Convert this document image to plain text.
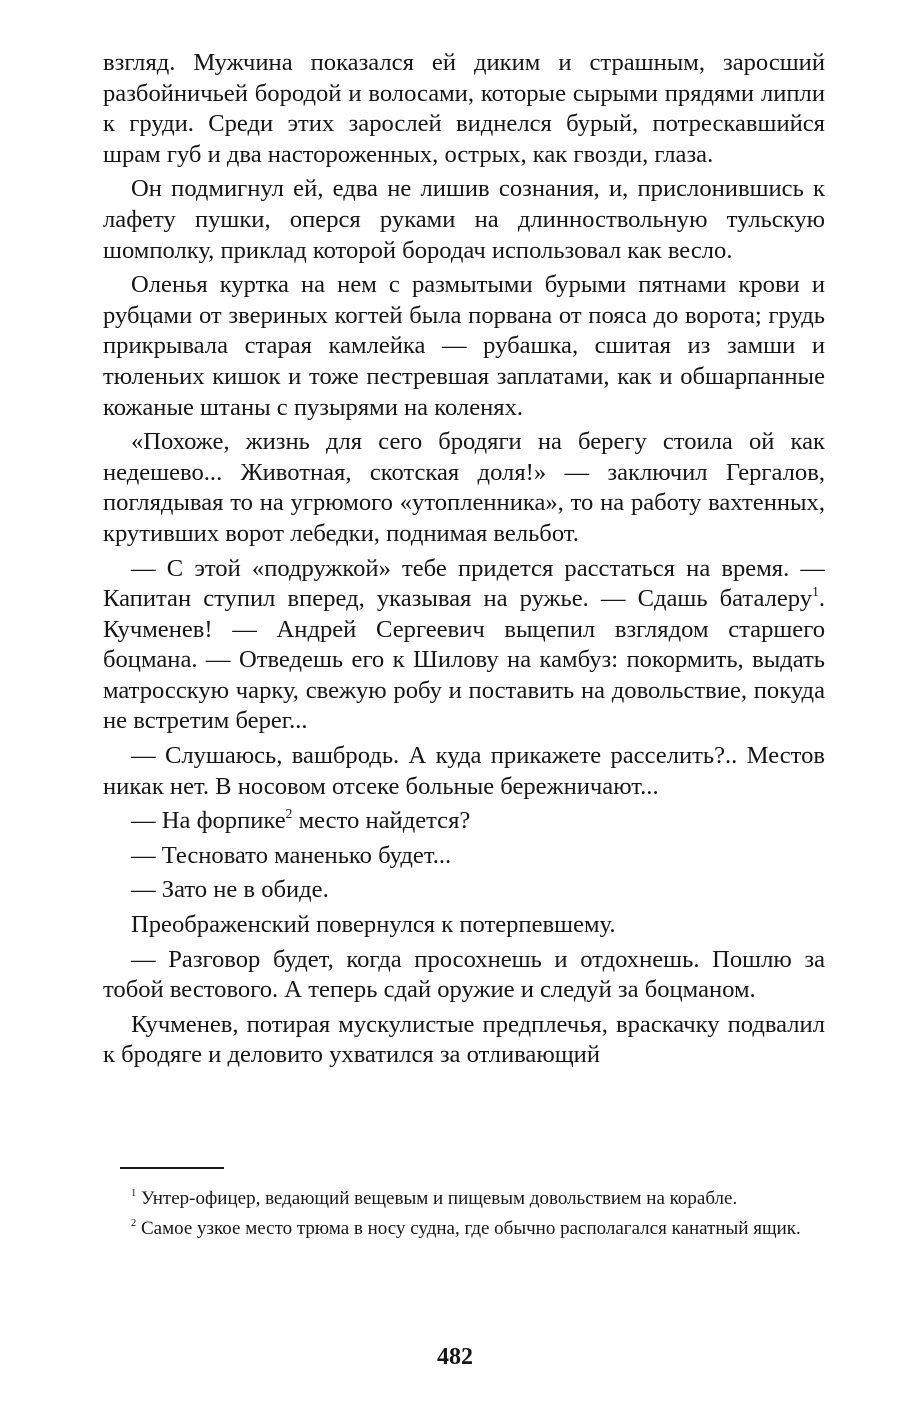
взгляд. Мужчина показался ей диким и страшным, заросший разбойничьей бородой и волосами, которые сырыми прядями липли к груди. Среди этих зарослей виднелся бурый, потрескавшийся шрам губ и два настороженных, острых, как гвозди, глаза.

Он подмигнул ей, едва не лишив сознания, и, прислонившись к лафету пушки, оперся руками на длинноствольную тульскую шомполку, приклад которой бородач использовал как весло.

Оленья куртка на нем с размытыми бурыми пятнами крови и рубцами от звериных когтей была порвана от пояса до ворота; грудь прикрывала старая камлейка — рубашка, сшитая из замши и тюленьих кишок и тоже пестревшая заплатами, как и обшарпанные кожаные штаны с пузырями на коленях.

«Похоже, жизнь для сего бродяги на берегу стоила ой как недешево... Животная, скотская доля!» — заключил Гергалов, поглядывая то на угрюмого «утопленника», то на работу вахтенных, крутивших ворот лебедки, поднимая вельбот.

— С этой «подружкой» тебе придется расстаться на время. — Капитан ступил вперед, указывая на ружье. — Сдашь баталеру$^1$. Кучменев! — Андрей Сергеевич выцепил взглядом старшего боцмана. — Отведешь его к Шилову на камбуз: покормить, выдать матросскую чарку, свежую робу и поставить на довольствие, покуда не встретим берег...

— Слушаюсь, вашбродь. А куда прикажете расселить?.. Местов никак нет. В носовом отсеке больные бережничают...

— На форпике$^2$ место найдется?

— Тесновато маненько будет...

— Зато не в обиде.

Преображенский повернулся к потерпевшему.

— Разговор будет, когда просохнешь и отдохнешь. Пошлю за тобой вестового. А теперь сдай оружие и следуй за боцманом.

Кучменев, потирая мускулистые предплечья, враскачку подвалил к бродяге и деловито ухватился за отливающий

$^1$ Унтер-офицер, ведающий вещевым и пищевым довольствием на корабле.

$^2$ Самое узкое место трюма в носу судна, где обычно располагался канатный ящик.

482
